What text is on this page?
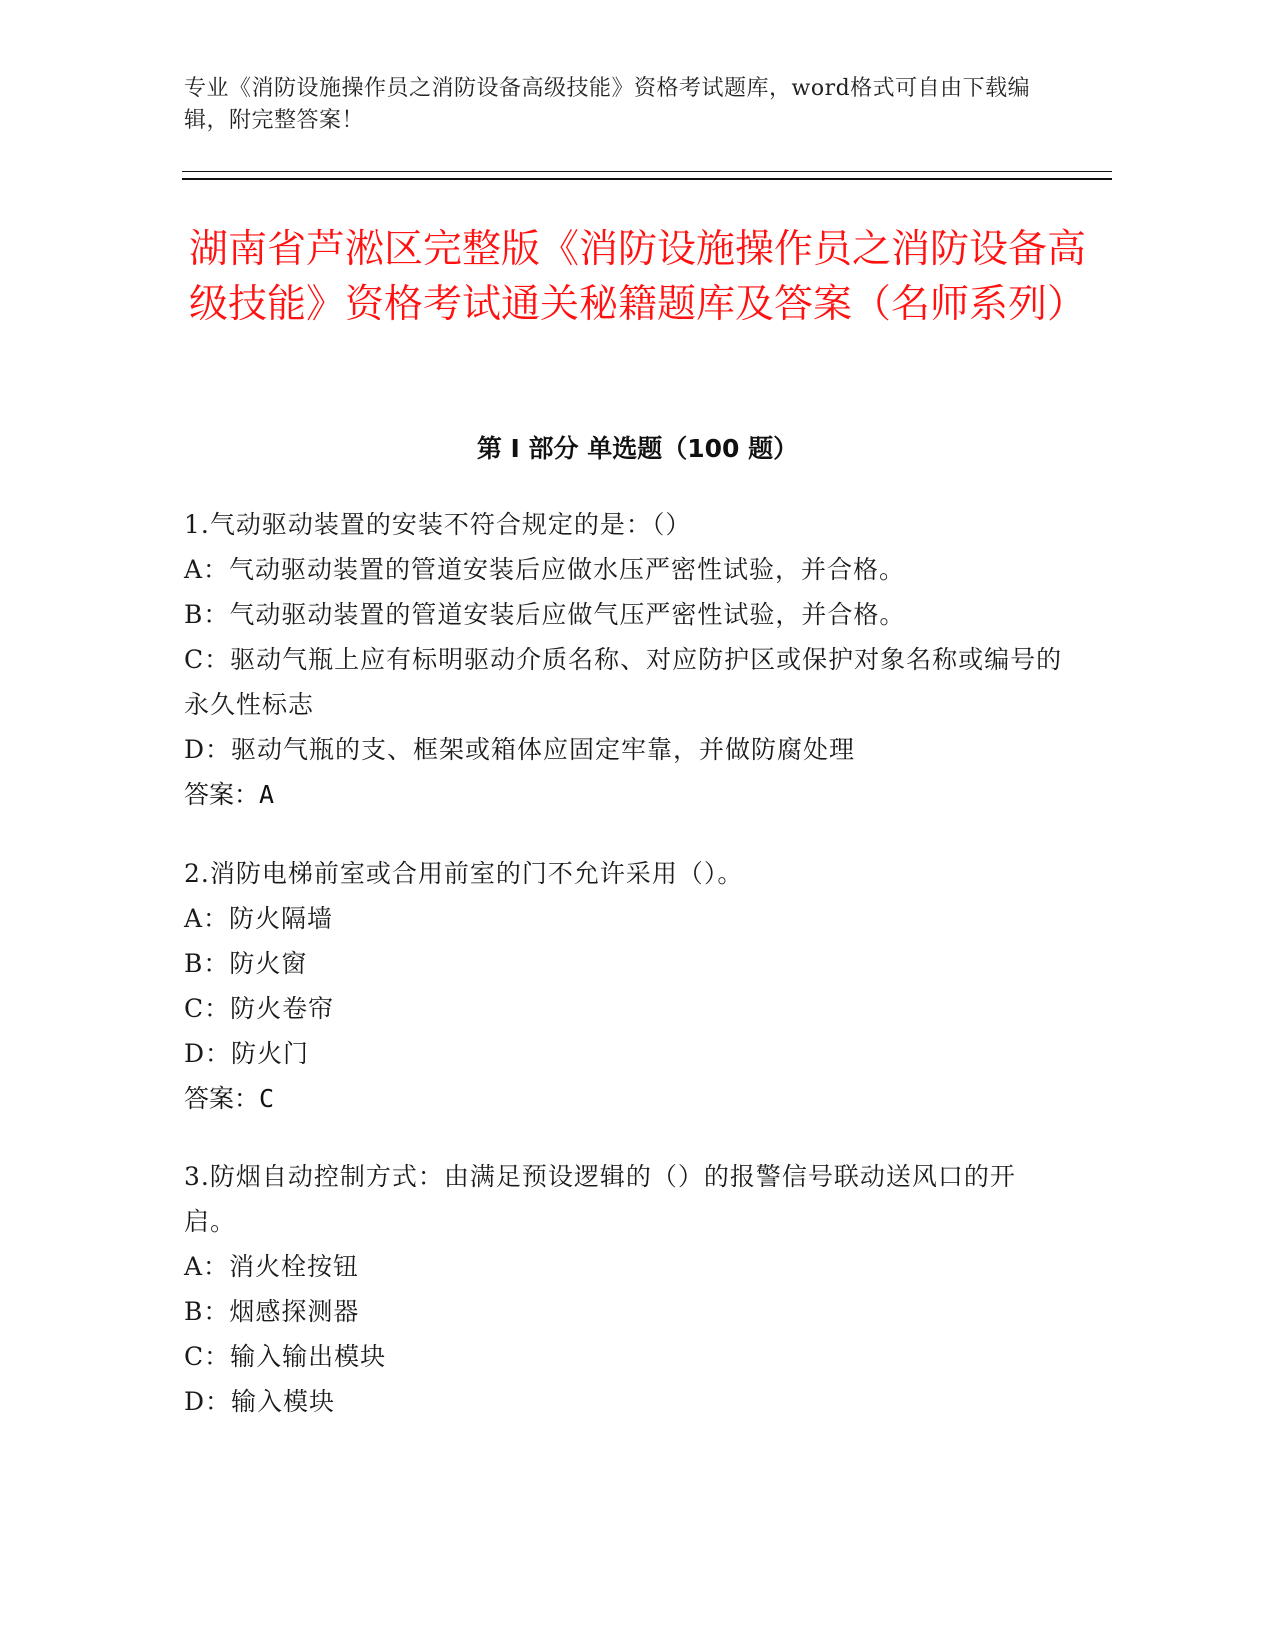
专业《消防设施操作员之消防设备高级技能》资格考试题库，word格式可自由下载编辑，附完整答案！
湖南省芦淞区完整版《消防设施操作员之消防设备高级技能》资格考试通关秘籍题库及答案（名师系列）
第 I 部分 单选题（100 题）

1.气动驱动装置的安装不符合规定的是：（）

A：气动驱动装置的管道安装后应做水压严密性试验，并合格。

B：气动驱动装置的管道安装后应做气压严密性试验，并合格。

C：驱动气瓶上应有标明驱动介质名称、对应防护区或保护对象名称或编号的永久性标志

D：驱动气瓶的支、框架或箱体应固定牢靠，并做防腐处理

答案：A

2.消防电梯前室或合用前室的门不允许采用（）。

A：防火隔墙

B：防火窗

C：防火卷帘

D：防火门

答案：C

3.防烟自动控制方式：由满足预设逻辑的（）的报警信号联动送风口的开启。

A：消火栓按钮

B：烟感探测器

C：输入输出模块

D：输入模块
